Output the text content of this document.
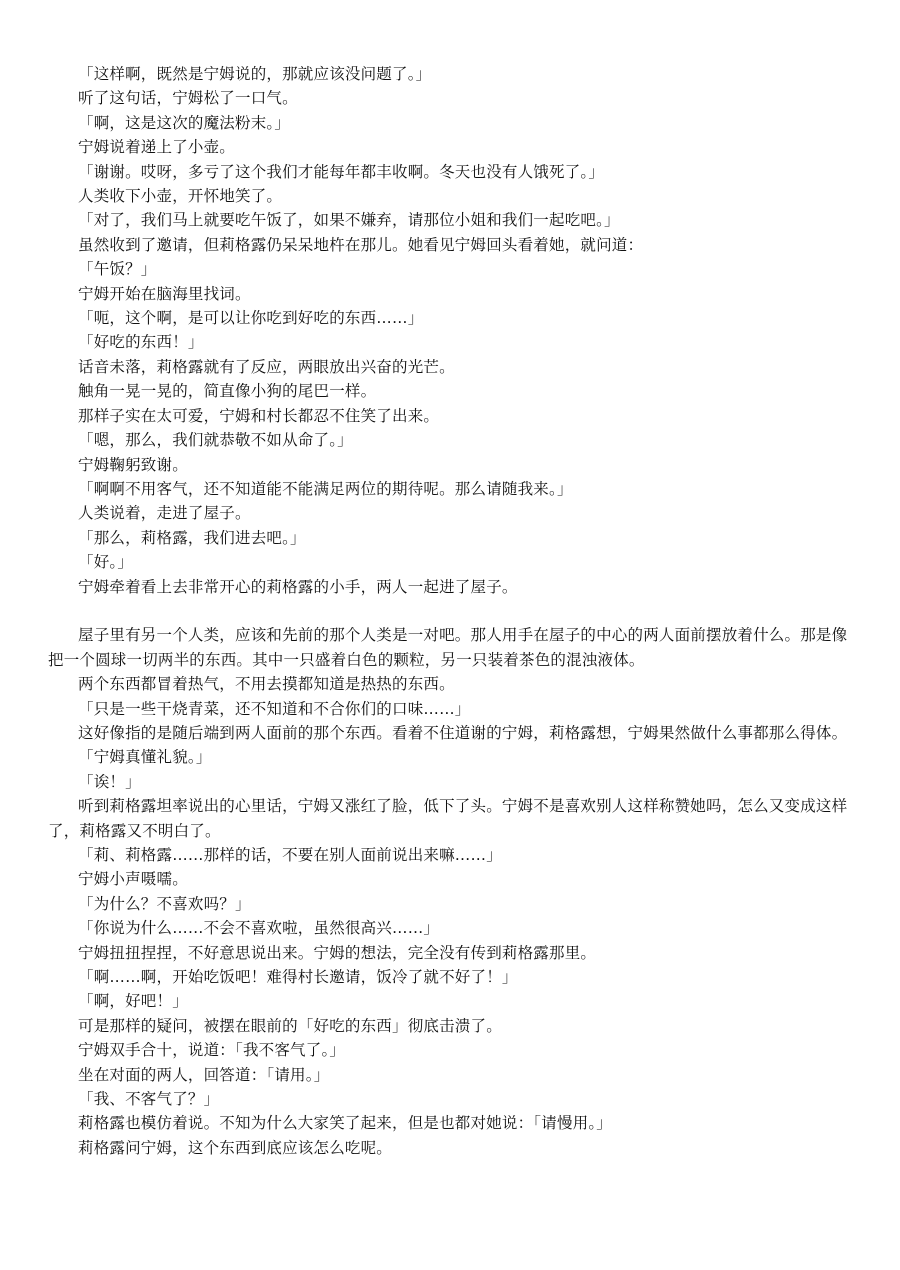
「这样啊，既然是宁姆说的，那就应该没问题了。」

听了这句话，宁姆松了一口气。

「啊，这是这次的魔法粉末。」

宁姆说着递上了小壶。

「谢谢。哎呀，多亏了这个我们才能每年都丰收啊。冬天也没有人饿死了。」

人类收下小壶，开怀地笑了。

「对了，我们马上就要吃午饭了，如果不嫌弃，请那位小姐和我们一起吃吧。」

虽然收到了邀请，但莉格露仍呆呆地杵在那儿。她看见宁姆回头看着她，就问道：

「午饭？」

宁姆开始在脑海里找词。

「呃，这个啊，是可以让你吃到好吃的东西……」

「好吃的东西！」

话音未落，莉格露就有了反应，两眼放出兴奋的光芒。

触角一晃一晃的，简直像小狗的尾巴一样。

那样子实在太可爱，宁姆和村长都忍不住笑了出来。

「嗯，那么，我们就恭敬不如从命了。」

宁姆鞠躬致谢。

「啊啊不用客气，还不知道能不能满足两位的期待呢。那么请随我来。」

人类说着，走进了屋子。

「那么，莉格露，我们进去吧。」

「好。」

宁姆牵着看上去非常开心的莉格露的小手，两人一起进了屋子。

屋子里有另一个人类，应该和先前的那个人类是一对吧。那人用手在屋子的中心的两人面前摆放着什么。那是像把一个圆球一切两半的东西。其中一只盛着白色的颗粒，另一只装着茶色的混浊液体。

两个东西都冒着热气，不用去摸都知道是热热的东西。

「只是一些干烧青菜，还不知道和不合你们的口味……」

这好像指的是随后端到两人面前的那个东西。看着不住道谢的宁姆，莉格露想，宁姆果然做什么事都那么得体。

「宁姆真懂礼貌。」

「诶！」

听到莉格露坦率说出的心里话，宁姆又涨红了脸，低下了头。宁姆不是喜欢别人这样称赞她吗，怎么又变成这样了，莉格露又不明白了。

「莉、莉格露……那样的话，不要在别人面前说出来嘛……」

宁姆小声嗫嚅。

「为什么？不喜欢吗？」

「你说为什么……不会不喜欢啦，虽然很高兴……」

宁姆扭扭捏捏，不好意思说出来。宁姆的想法，完全没有传到莉格露那里。

「啊……啊，开始吃饭吧！难得村长邀请，饭冷了就不好了！」

「啊，好吧！」

可是那样的疑问，被摆在眼前的「好吃的东西」彻底击溃了。

宁姆双手合十，说道：「我不客气了。」

坐在对面的两人，回答道：「请用。」

「我、不客气了？」

莉格露也模仿着说。不知为什么大家笑了起来，但是也都对她说：「请慢用。」

莉格露问宁姆，这个东西到底应该怎么吃呢。
